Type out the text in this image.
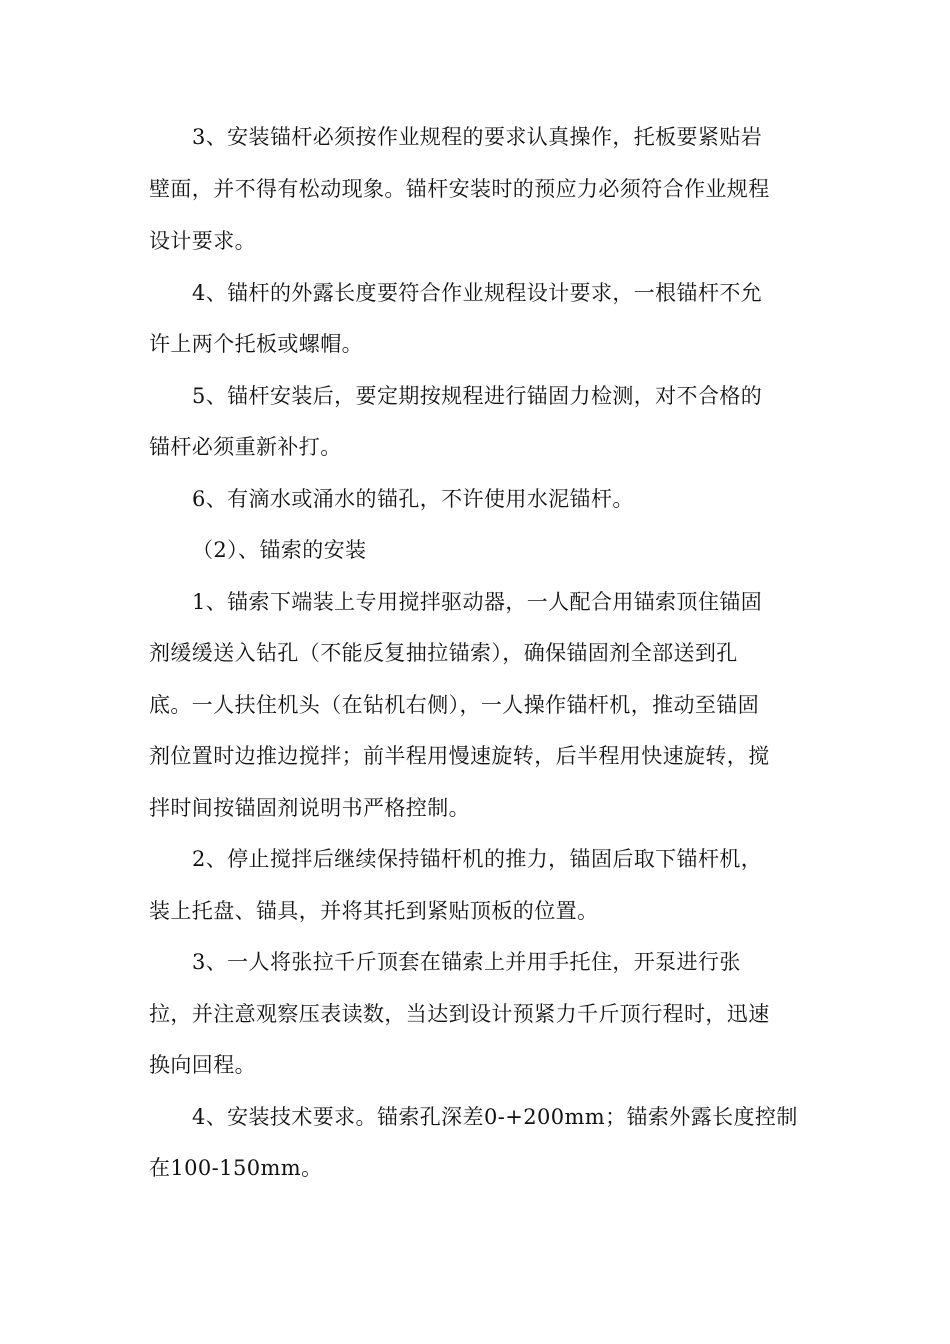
3、安装锚杆必须按作业规程的要求认真操作，托板要紧贴岩
壁面，并不得有松动现象。锚杆安装时的预应力必须符合作业规程
设计要求。
4、锚杆的外露长度要符合作业规程设计要求，一根锚杆不允
许上两个托板或螺帽。
5、锚杆安装后，要定期按规程进行锚固力检测，对不合格的
锚杆必须重新补打。
6、有滴水或涌水的锚孔，不许使用水泥锚杆。
（2）、锚索的安装
1、锚索下端装上专用搅拌驱动器，一人配合用锚索顶住锚固
剂缓缓送入钻孔（不能反复抽拉锚索），确保锚固剂全部送到孔
底。一人扶住机头（在钻机右侧），一人操作锚杆机，推动至锚固
剂位置时边推边搅拌；前半程用慢速旋转，后半程用快速旋转，搅
拌时间按锚固剂说明书严格控制。
2、停止搅拌后继续保持锚杆机的推力，锚固后取下锚杆机，
装上托盘、锚具，并将其托到紧贴顶板的位置。
3、一人将张拉千斤顶套在锚索上并用手托住，开泵进行张
拉，并注意观察压表读数，当达到设计预紧力千斤顶行程时，迅速
换向回程。
4、安装技术要求。锚索孔深差0-+200mm；锚索外露长度控制
在100-150mm。
